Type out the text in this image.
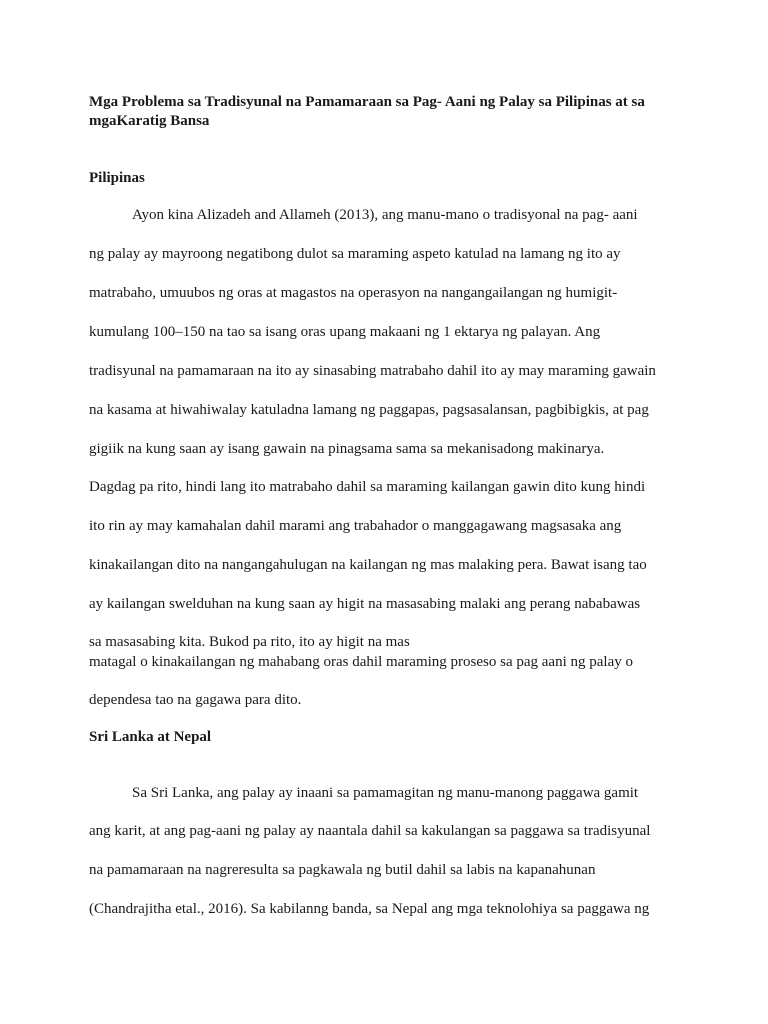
Mga Problema sa Tradisyunal na Pamamaraan sa Pag- Aani ng Palay sa Pilipinas at sa mgaKaratig Bansa
Pilipinas

Ayon kina Alizadeh and Allameh (2013), ang manu-mano o tradisyonal na pag- aani

ng palay ay mayroong negatibong dulot sa maraming aspeto katulad na lamang ng ito ay

matrabaho, umuubos ng oras at magastos na operasyon na nangangailangan ng humigit-

kumulang 100–150 na tao sa isang oras upang makaani ng 1 ektarya ng palayan. Ang

tradisyunal na pamamaraan na ito ay sinasabing matrabaho dahil ito ay may maraming gawain

na kasama at hiwahiwalay katuladna lamang ng paggapas, pagsasalansan, pagbibigkis, at pag

gigiik na kung saan ay isang gawain na pinagsama sama sa mekanisadong makinarya.

Dagdag pa rito, hindi lang ito matrabaho dahil sa maraming kailangan gawin dito kung hindi

ito rin ay may kamahalan dahil marami ang trabahador o manggagawang magsasaka ang

kinakailangan dito na nangangahulugan na kailangan ng mas malaking pera. Bawat isang tao

ay kailangan swelduhan na kung saan ay higit na masasabing malaki ang perang nababawas

sa masasabing kita. Bukod pa rito, ito ay higit na mas

matagal o kinakailangan ng mahabang oras dahil maraming proseso sa pag aani ng palay o

dependesa tao na gagawa para dito.

Sri Lanka at Nepal

Sa Sri Lanka, ang palay ay inaani sa pamamagitan ng manu-manong paggawa gamit

ang karit, at ang pag-aani ng palay ay naantala dahil sa kakulangan sa paggawa sa tradisyunal

na pamamaraan na nagreresulta sa pagkawala ng butil dahil sa labis na kapanahunan

(Chandrajitha etal., 2016). Sa kabilanng banda, sa Nepal ang mga teknolohiya sa paggawa ng
